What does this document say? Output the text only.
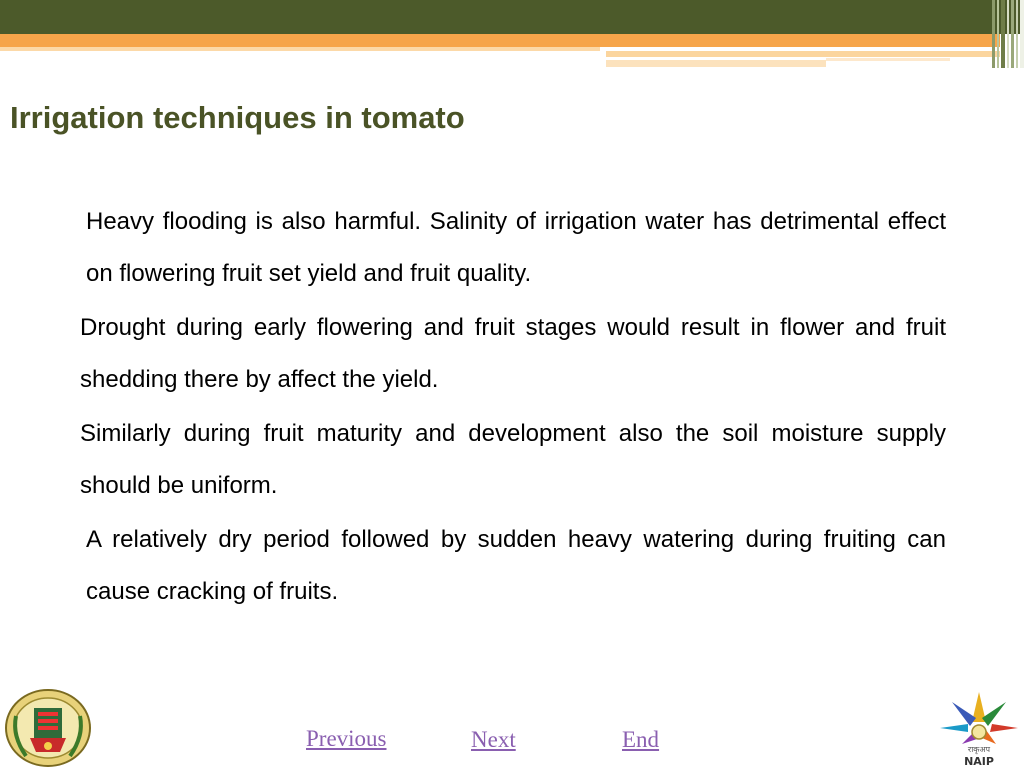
Irrigation techniques in tomato

Heavy flooding is also harmful. Salinity of irrigation water has detrimental effect on flowering fruit set yield and fruit quality.

Drought during early flowering and fruit stages would result in flower and fruit shedding there by affect the yield.

Similarly during fruit maturity and development also the soil moisture supply should be uniform.

A relatively dry period followed by sudden heavy watering during fruiting can cause cracking of fruits.

Previous	Next	End	राकृअप
NAIP
